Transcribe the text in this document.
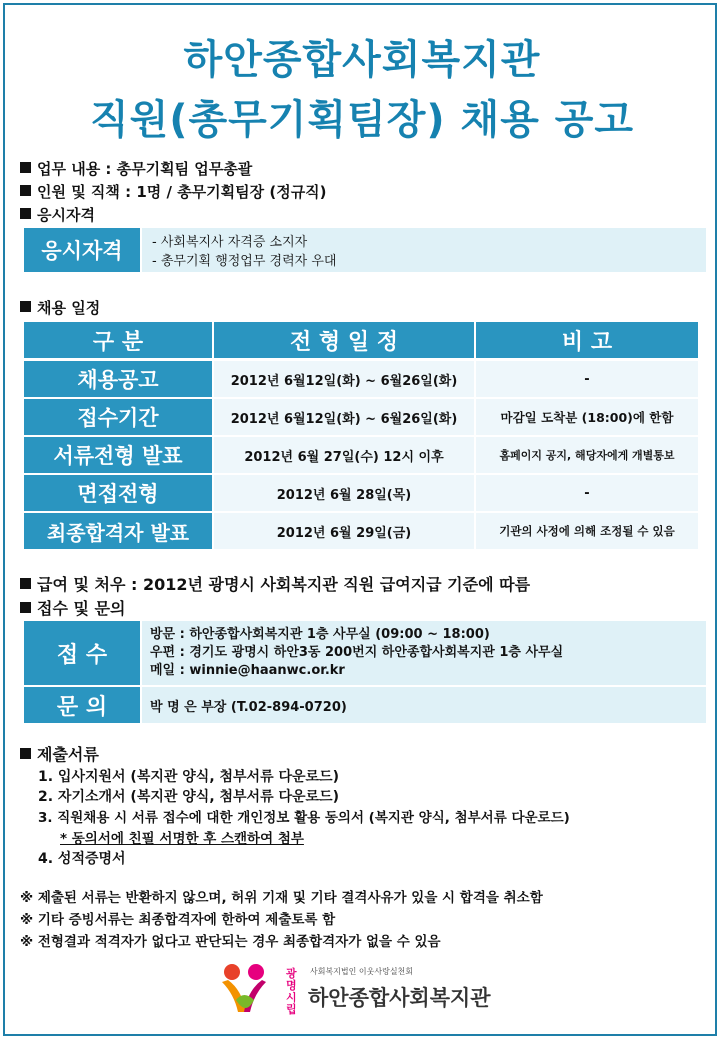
하안종합사회복지관
직원(총무기획팀장) 채용 공고
업무 내용 : 총무기획팀 업무총괄
인원 및 직책 : 1명 / 총무기획팀장 (정규직)
응시자격
응시자격	- 사회복지사 자격증 소지자
- 총무기획 행정업무 경력자 우대
채용 일정
구 분	전 형 일 정	비 고
채용공고	2012년 6월12일(화) ~ 6월26일(화)	-
접수기간	2012년 6월12일(화) ~ 6월26일(화)	마감일 도착분 (18:00)에 한함
서류전형 발표	2012년 6월 27일(수) 12시 이후	홈페이지 공지, 해당자에게 개별통보
면접전형	2012년 6월 28일(목)	-
최종합격자 발표	2012년 6월 29일(금)	기관의 사정에 의해 조정될 수 있음
급여 및 처우 : 2012년 광명시 사회복지관 직원 급여지급 기준에 따름
접수 및 문의
접 수
방문 : 하안종합사회복지관 1층 사무실 (09:00 ~ 18:00)
우편 : 경기도 광명시 하안3동 200번지 하안종합사회복지관 1층 사무실
메일 : winnie@haanwc.or.kr
문 의	박 명 은 부장 (T.02-894-0720)
제출서류
1. 입사지원서 (복지관 양식, 첨부서류 다운로드)
2. 자기소개서 (복지관 양식, 첨부서류 다운로드)
3. 직원채용 시 서류 접수에 대한 개인정보 활용 동의서 (복지관 양식, 첨부서류 다운로드)
* 동의서에 친필 서명한 후 스캔하여 첨부
4. 성적증명서
※ 제출된 서류는 반환하지 않으며, 허위 기재 및 기타 결격사유가 있을 시 합격을 취소함
※ 기타 증빙서류는 최종합격자에 한하여 제출토록 함
※ 전형결과 적격자가 없다고 판단되는 경우 최종합격자가 없을 수 있음
광명시립
사회복지법인 이웃사랑실천회
하안종합사회복지관
